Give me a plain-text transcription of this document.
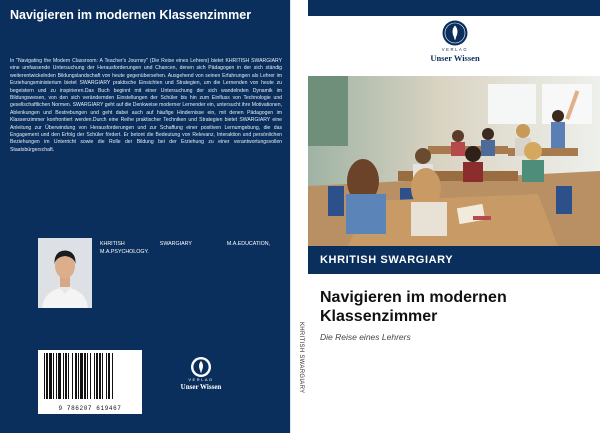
Navigieren im modernen Klassenzimmer
In "Navigating the Modern Classroom: A Teacher's Journey" (Die Reise eines Lehrers) bietet KHRITISH SWARGIARY eine umfassende Untersuchung der Herausforderungen und Chancen, denen sich Pädagogen in der sich ständig weiterentwickelnden Bildungslandschaft von heute gegenübersehen. Ausgehend von seinen Erfahrungen als Lehrer im Erziehungsministerium bietet SWARGIARY praktische Einsichten und Strategien, um die Lernenden von heute zu begeistern und zu inspirieren.Das Buch beginnt mit einer Untersuchung der sich wandelnden Dynamik im Bildungswesen, von den sich verändernden Einstellungen der Schüler bis hin zum Einfluss von Technologie und gesellschaftlichen Normen. SWARGIARY geht auf die Denkweise moderner Lernender ein, untersucht ihre Motivationen, Ablenkungen und Bestrebungen und geht dabei auch auf häufige Hindernisse ein, mit denen Pädagogen im Klassenzimmer konfrontiert werden.Durch eine Reihe praktischer Techniken und Strategien bietet SWARGIARY eine Anleitung zur Überwindung von Herausforderungen und zur Schaffung einer positiven Lernumgebung, die das Engagement und den Erfolg der Schüler fördert. Er betont die Bedeutung von Relevanz, Interaktion und persönlichen Beziehungen im Unterricht sowie die Rolle der Bildung bei der Erziehung zu einer verantwortungsvollen Staatsbürgerschaft.
KHRITISH SWARGIARY M.A.EDUCATION,
M.A.PSYCHOLOGY.
9 786207 619467
VERLAG
Unser Wissen	KHRITISH SWARGIARY
VERLAG
Unser Wissen
KHRITISH SWARGIARY
Navigieren im modernen Klassenzimmer
Die Reise eines Lehrers
